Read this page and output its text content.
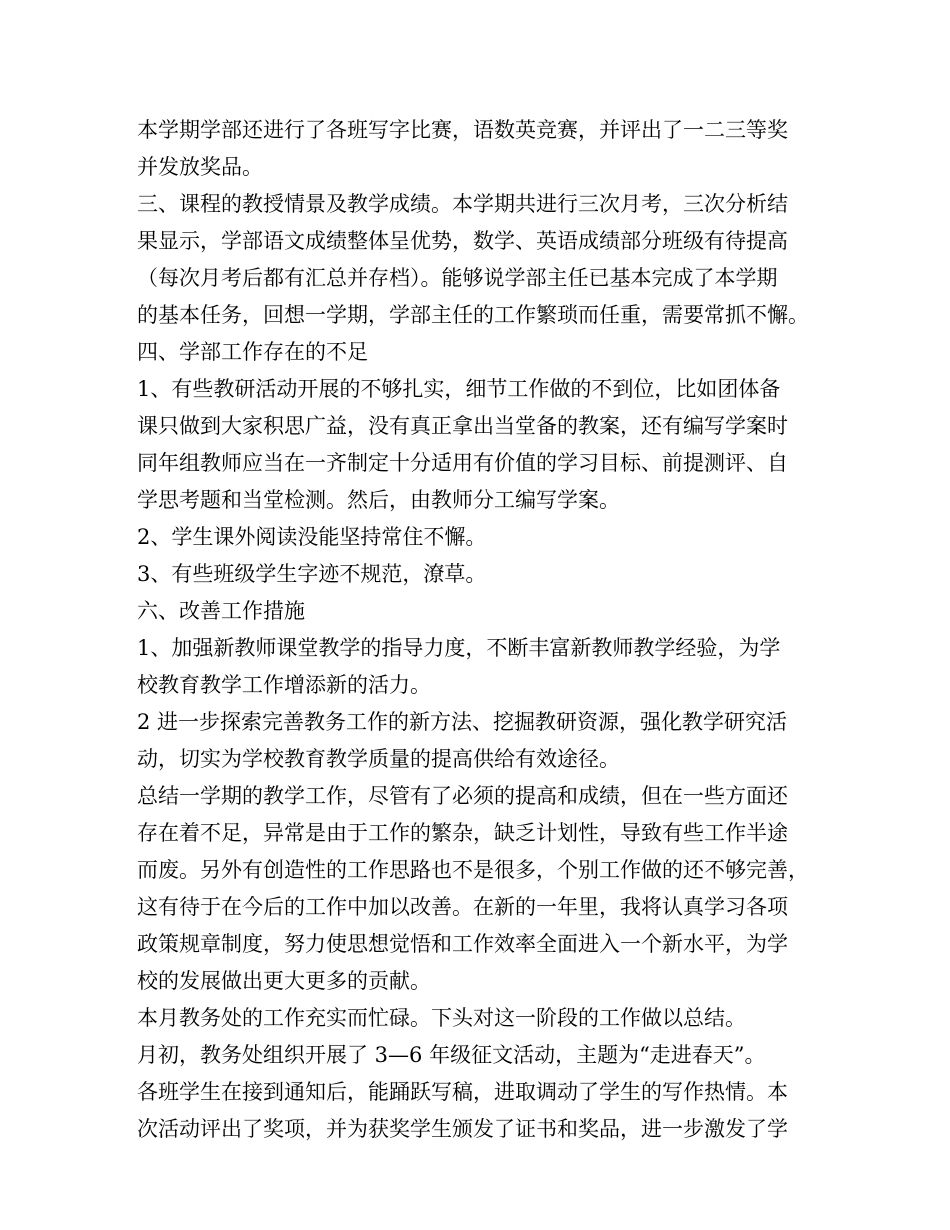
本学期学部还进行了各班写字比赛，语数英竞赛，并评出了一二三等奖
并发放奖品。
三、课程的教授情景及教学成绩。本学期共进行三次月考，三次分析结
果显示，学部语文成绩整体呈优势，数学、英语成绩部分班级有待提高
（每次月考后都有汇总并存档）。能够说学部主任已基本完成了本学期
的基本任务，回想一学期，学部主任的工作繁琐而任重，需要常抓不懈。
四、学部工作存在的不足
1、有些教研活动开展的不够扎实，细节工作做的不到位，比如团体备
课只做到大家积思广益，没有真正拿出当堂备的教案，还有编写学案时
同年组教师应当在一齐制定十分适用有价值的学习目标、前提测评、自
学思考题和当堂检测。然后，由教师分工编写学案。
2、学生课外阅读没能坚持常住不懈。
3、有些班级学生字迹不规范，潦草。
六、改善工作措施
1、加强新教师课堂教学的指导力度，不断丰富新教师教学经验，为学
校教育教学工作增添新的活力。
2 进一步探索完善教务工作的新方法、挖掘教研资源，强化教学研究活
动，切实为学校教育教学质量的提高供给有效途径。
总结一学期的教学工作，尽管有了必须的提高和成绩，但在一些方面还
存在着不足，异常是由于工作的繁杂，缺乏计划性，导致有些工作半途
而废。另外有创造性的工作思路也不是很多，个别工作做的还不够完善，
这有待于在今后的工作中加以改善。在新的一年里，我将认真学习各项
政策规章制度，努力使思想觉悟和工作效率全面进入一个新水平，为学
校的发展做出更大更多的贡献。
本月教务处的工作充实而忙碌。下头对这一阶段的工作做以总结。
月初，教务处组织开展了 3—6 年级征文活动，主题为“走进春天”。
各班学生在接到通知后，能踊跃写稿，进取调动了学生的写作热情。本
次活动评出了奖项，并为获奖学生颁发了证书和奖品，进一步激发了学
